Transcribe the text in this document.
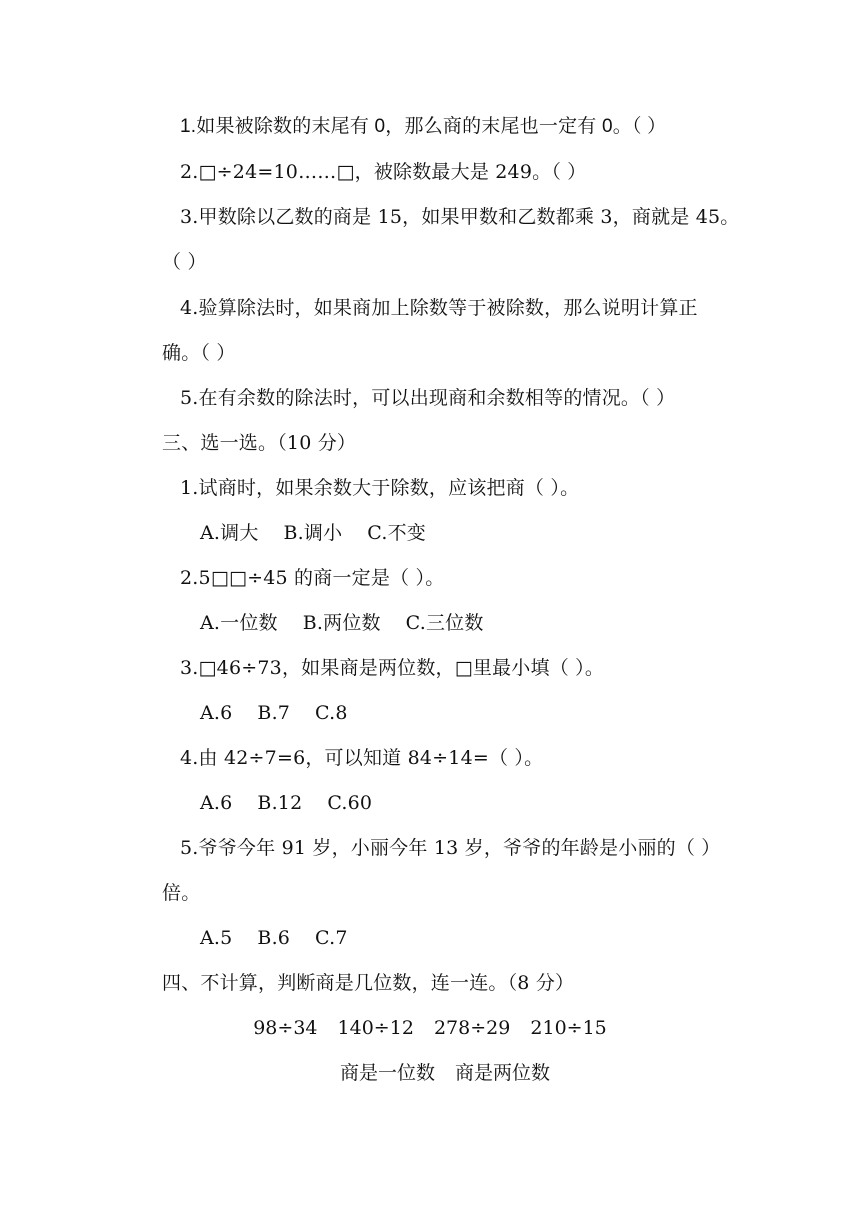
1.如果被除数的末尾有 0，那么商的末尾也一定有 0。（ ）
2.□÷24=10……□，被除数最大是 249。（ ）
3.甲数除以乙数的商是 15，如果甲数和乙数都乘 3，商就是 45。
（ ）
4.验算除法时，如果商加上除数等于被除数，那么说明计算正
确。（ ）
5.在有余数的除法时，可以出现商和余数相等的情况。（ ）
三、选一选。（10 分）
1.试商时，如果余数大于除数，应该把商（ ）。
A.调大    B.调小    C.不变
2.5□□÷45 的商一定是（ ）。
A.一位数    B.两位数    C.三位数
3.□46÷73，如果商是两位数，□里最小填（ ）。
A.6    B.7    C.8
4.由 42÷7=6，可以知道 84÷14=（ ）。
A.6    B.12    C.60
5.爷爷今年 91 岁，小丽今年 13 岁，爷爷的年龄是小丽的（ ）
倍。
A.5    B.6    C.7
四、不计算，判断商是几位数，连一连。（8 分）
98÷34 140÷12 278÷29 210÷15
商是一位数 商是两位数
